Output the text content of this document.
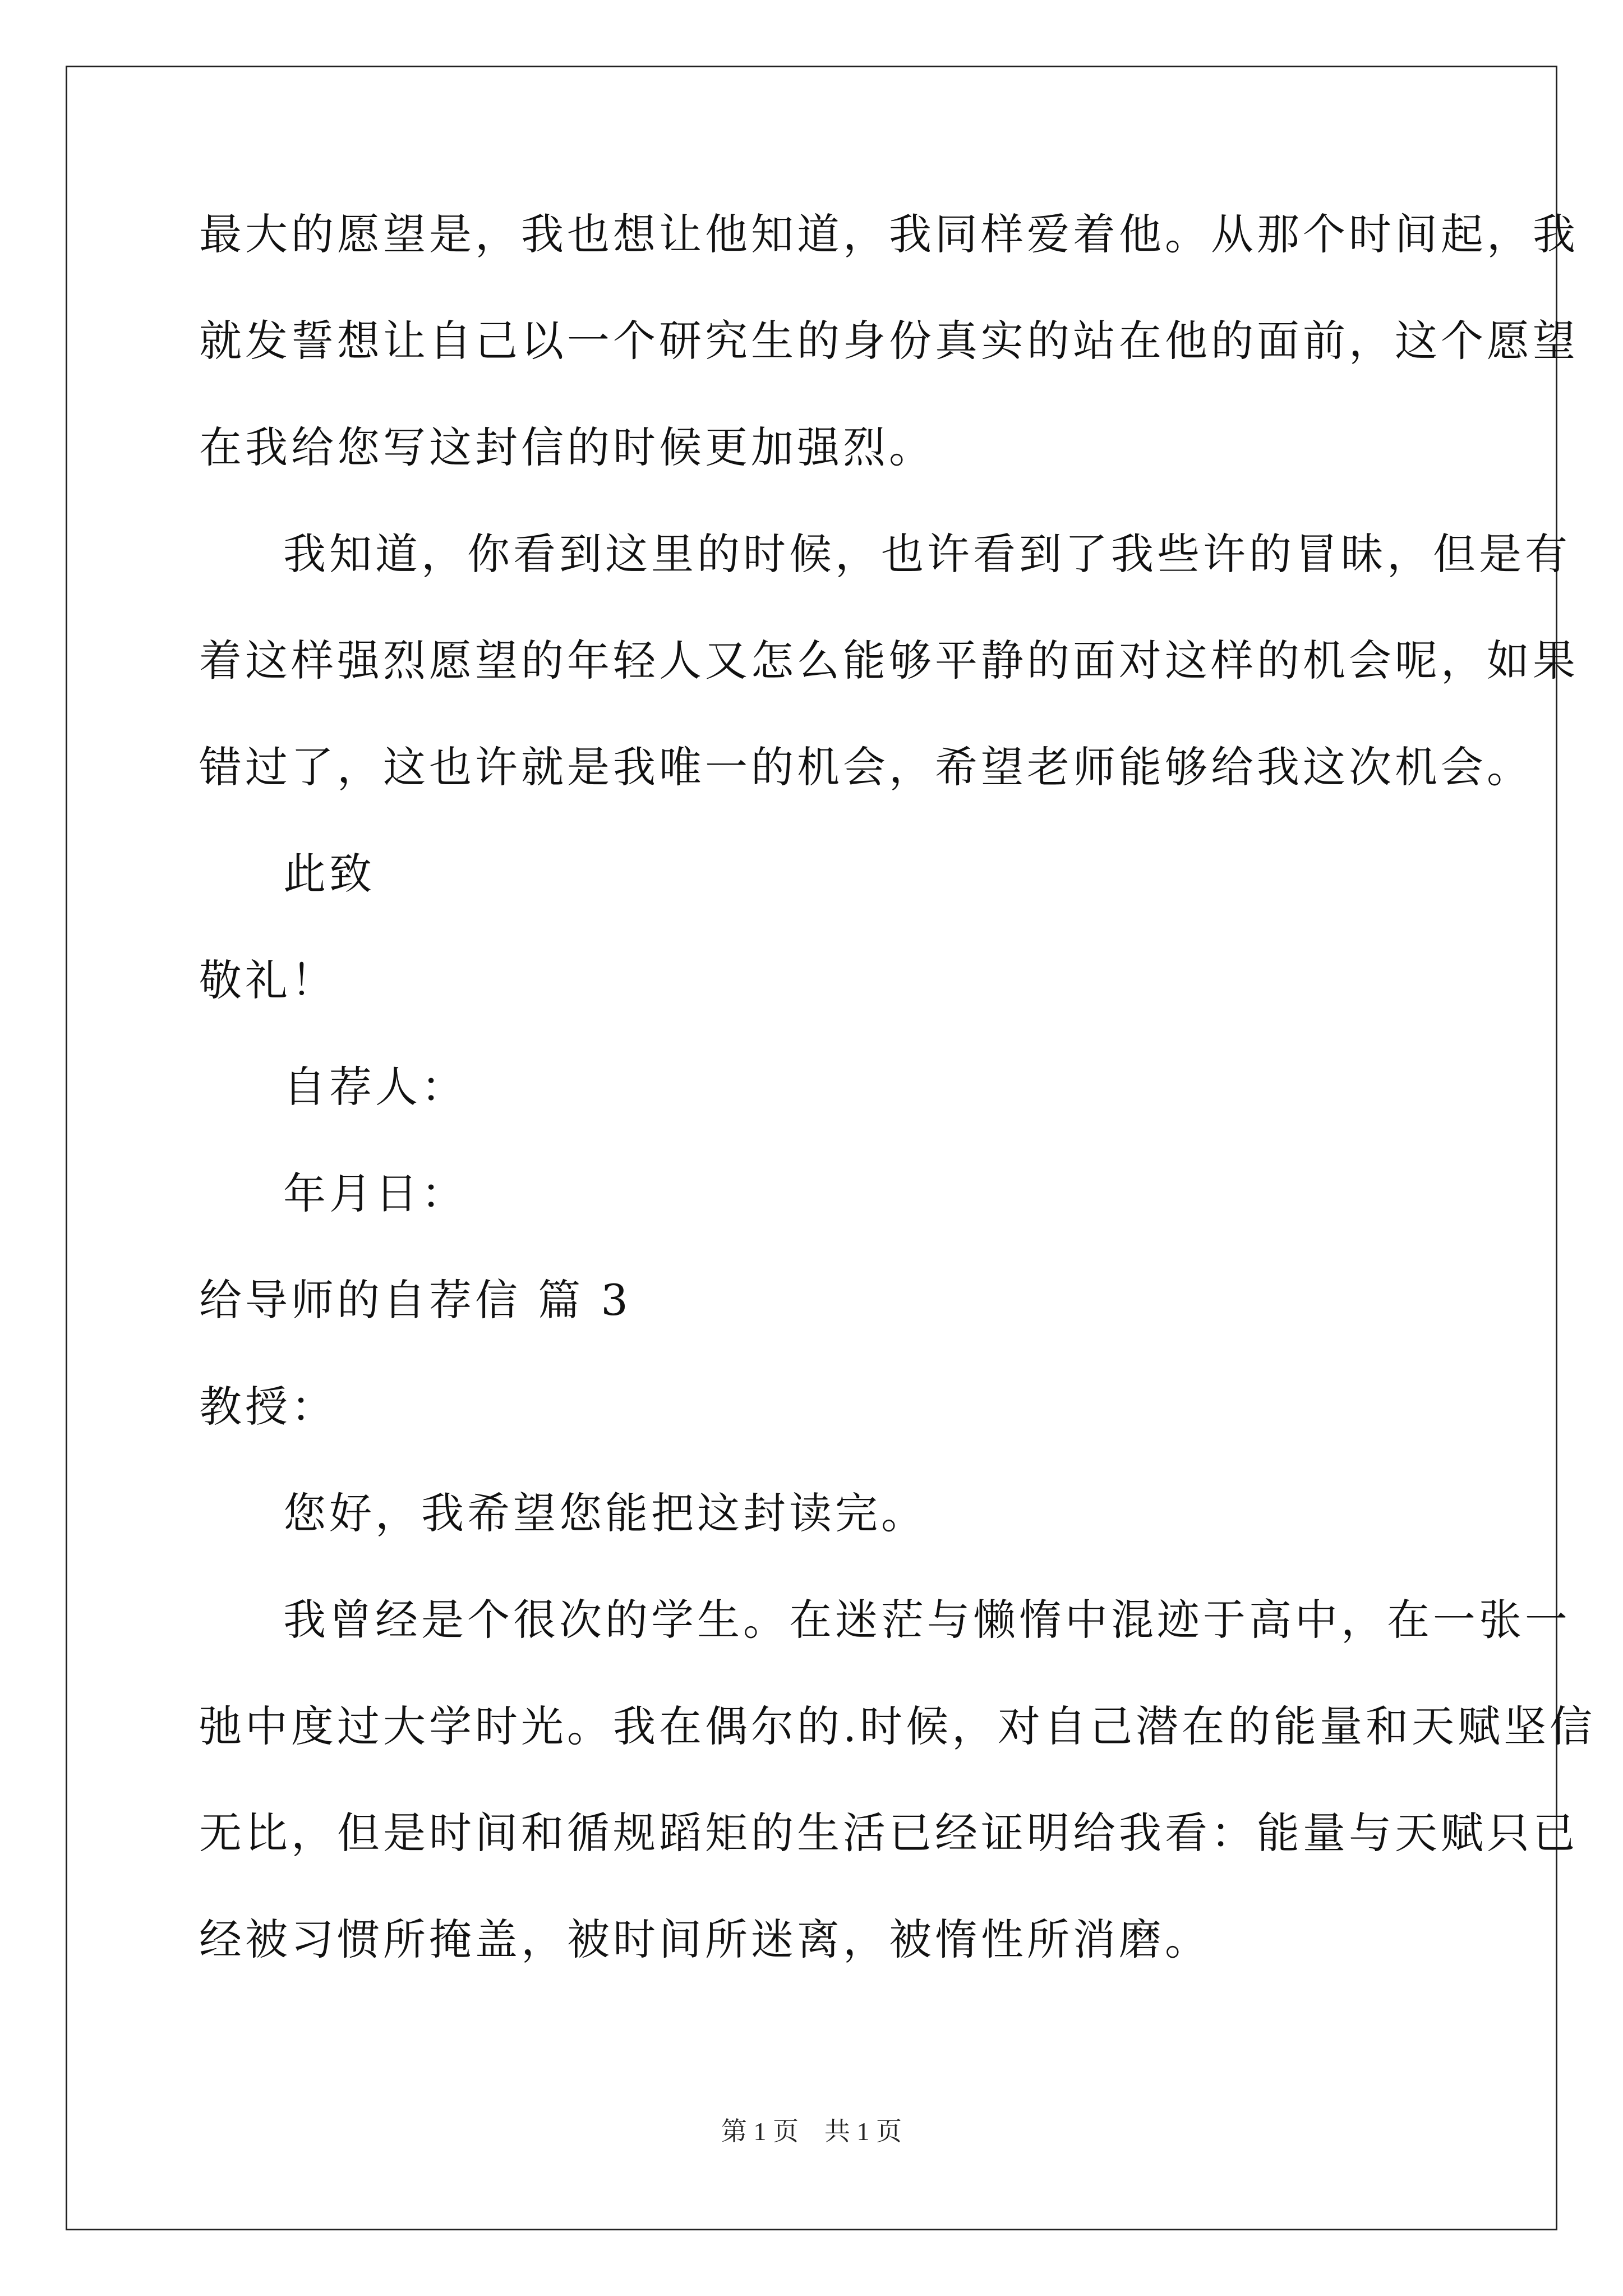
最大的愿望是，我也想让他知道，我同样爱着他。从那个时间起，我
就发誓想让自己以一个研究生的身份真实的站在他的面前，这个愿望
在我给您写这封信的时候更加强烈。
我知道，你看到这里的时候，也许看到了我些许的冒昧，但是有
着这样强烈愿望的年轻人又怎么能够平静的面对这样的机会呢，如果
错过了，这也许就是我唯一的机会，希望老师能够给我这次机会。
此致
敬礼！
自荐人：
年月日：
给导师的自荐信 篇 3
教授：
您好，我希望您能把这封读完。
我曾经是个很次的学生。在迷茫与懒惰中混迹于高中，在一张一
弛中度过大学时光。我在偶尔的.时候，对自己潜在的能量和天赋坚信
无比，但是时间和循规蹈矩的生活已经证明给我看：能量与天赋只已
经被习惯所掩盖，被时间所迷离，被惰性所消磨。
第 1 页　共 1 页
